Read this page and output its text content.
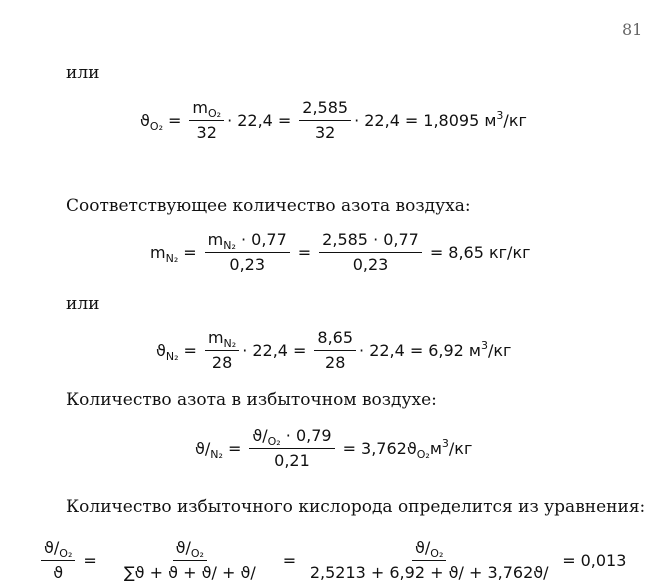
81
или
$ϑ_{O_2} = \frac{m_{O_2}}{32} \cdot 22,4 = \frac{2,585}{32} \cdot 22,4 = 1,8095$ $м^3/кг$
Соответствующее количество азота воздуха:
$m_{N_2} = \frac{m_{N_2} \cdot 0,77}{0,23} = \frac{2,585 \cdot 0,77}{0,23} = 8,65$ кг/кг
или
$ϑ_{N_2} = \frac{m_{N_2}}{28} \cdot 22,4 = \frac{8,65}{28} \cdot 22,4 = 6,92$ $м^3/кг$
Количество азота в избыточном воздухе:
$ϑ/_{N_2} = \frac{ϑ/_{O_2} \cdot 0,79}{0,21} = 3,762ϑ_{O_2}м^3/кг$
Количество избыточного кислорода определится из уравнения:
$\frac{ϑ/_{O_2}}{ϑ} = \frac{ϑ/_{O_2}}{\sum ϑ + ϑ + ϑ/ + ϑ/} = \frac{ϑ/_{O_2}}{2,5213 + 6,92 + ϑ/ + 3,762ϑ/} = 0,013$
